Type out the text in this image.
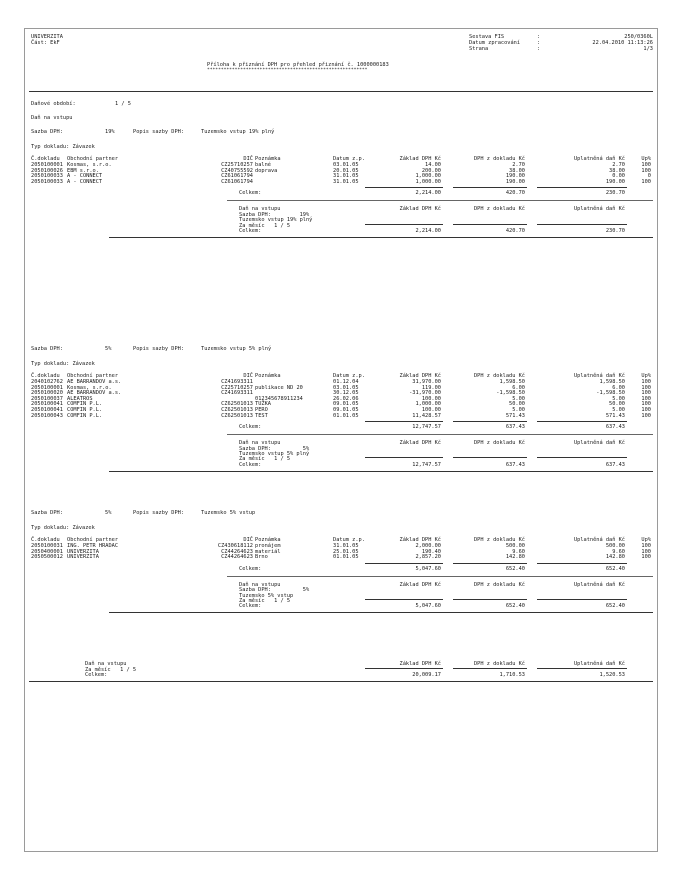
UNIVERZITA
Část: EkF
Sestava FIS	:	250/0360L
Datum zpracování	:	22.04.2010 11:13:26
Strana	:	1/3
Příloha k přiznání DPH pro přehled přiznání č. 1000000183
**********************************************************
Daňové období:	1 / 5
Daň na vstupu
Sazba DPH:	19%	Popis sazby DPH:	Tuzemsko vstup 19% plný
Typ dokladu: Závazek
Č.dokladu Obchodní partner	DIČ Poznámka	Datum z.p.	Základ DPH Kč	DPH z dokladu Kč	Uplatněná daň Kč	Up%
2050100001 Kosmas, s.r.o.	CZ25710257 balné	03.01.05	14.00	2.70	2.70	100
2050100026 EBM s.r.o.	CZ40755592 doprava	20.01.05	200.00	38.00	38.00	100
2050100033 A - CONNECT	CZ61061794	31.01.05	1,000.00	190.00	0.00	0
2050100033 A - CONNECT	CZ61061794	31.01.05	1,000.00	190.00	190.00	100
Celkem:	2,214.00	420.70	230.70
Daň na vstupu	Základ DPH Kč	DPH z dokladu Kč	Uplatněná daň Kč
Sazba DPH:         19%
Tuzemsko vstup 19% plný
Za měsíc   1 / 5
Celkem:	2,214.00	420.70	230.70
Sazba DPH:	5%	Popis sazby DPH:	Tuzemsko vstup 5% plný
Typ dokladu: Závazek
Č.dokladu Obchodní partner	DIČ Poznámka	Datum z.p.	Základ DPH Kč	DPH z dokladu Kč	Uplatněná daň Kč	Up%
2040102762 AE BARRANDOV a.s.	CZ41693311	01.12.04	31,970.00	1,598.50	1,598.50	100
2050100001 Kosmas, s.r.o.	CZ25710257 publikace ND 20	03.01.05	119.00	6.00	6.00	100
2050100020 AE BARRANDOV a.s.	CZ41693311	30.12.05	-31,970.00	-1,598.50	-1,598.50	100
2050100037 ALEATROS	012345678911234	26.02.06	100.00	5.00	5.00	100
2050100041 COMFIN P.L.	CZ62501013 TUŽKA	09.01.05	1,000.00	50.00	50.00	100
2050100041 COMFIN P.L.	CZ62501013 PERO	09.01.05	100.00	5.00	5.00	100
2050100043 COMFIN P.L.	CZ62501013 TEST	01.01.05	11,428.57	571.43	571.43	100
Celkem:	12,747.57	637.43	637.43
Daň na vstupu	Základ DPH Kč	DPH z dokladu Kč	Uplatněná daň Kč
Sazba DPH:          5%
Tuzemsko vstup 5% plný
Za měsíc   1 / 5
Celkem:	12,747.57	637.43	637.43
Sazba DPH:	5%	Popis sazby DPH:	Tuzemsko 5% vstup
Typ dokladu: Závazek
Č.dokladu Obchodní partner	DIČ Poznámka	Datum z.p.	Základ DPH Kč	DPH z dokladu Kč	Uplatněná daň Kč	Up%
2050100031 ING. PETR HRADAC	CZ430618112 pronájem	31.01.05	2,000.00	500.00	500.00	100
2050400001 UNIVERZITA	CZ44264623 materiál	25.01.05	190.40	9.60	9.60	100
2050500012 UNIVERZITA	CZ44264623 Brno	01.01.05	2,857.20	142.80	142.80	100
Celkem:	5,047.60	652.40	652.40
Daň na vstupu	Základ DPH Kč	DPH z dokladu Kč	Uplatněná daň Kč
Sazba DPH:          5%
Tuzemsko 5% vstup
Za měsíc   1 / 5
Celkem:	5,047.60	652.40	652.40
Daň na vstupu	Základ DPH Kč	DPH z dokladu Kč	Uplatněná daň Kč
Za měsíc   1 / 5
Celkem:	20,009.17	1,710.53	1,520.53
